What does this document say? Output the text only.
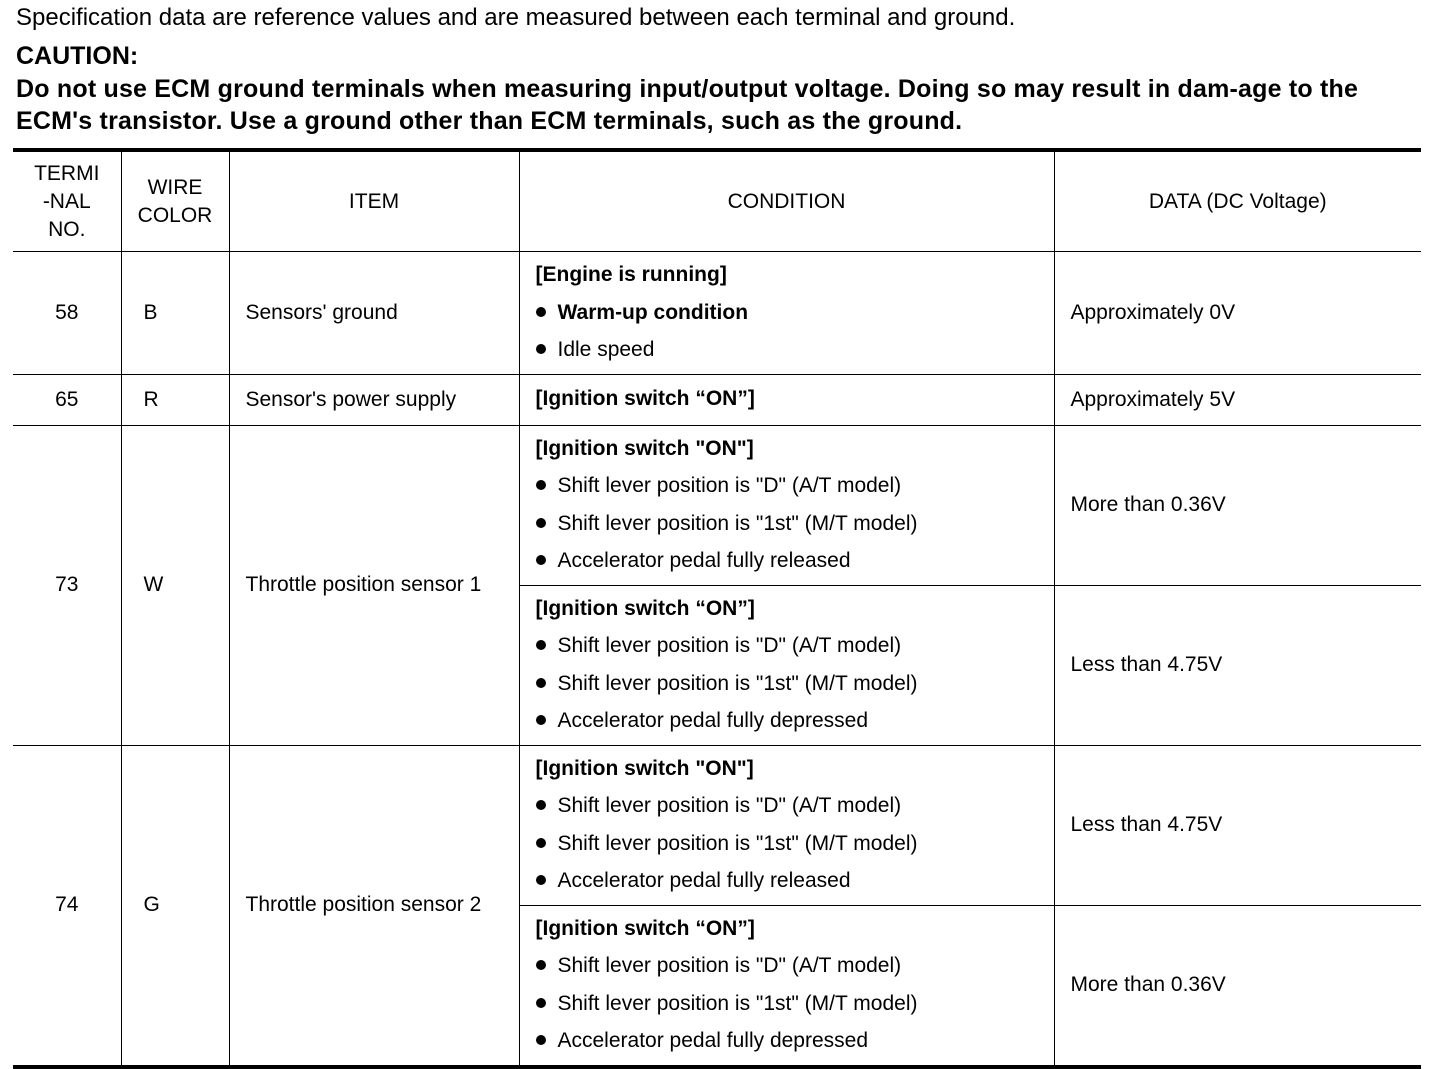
Specification data are reference values and are measured between each terminal and ground.
CAUTION:
Do not use ECM ground terminals when measuring input/output voltage. Doing so may result in dam-age to the ECM's transistor. Use a ground other than ECM terminals, such as the ground.
TERMI-NAL NO.	WIRE COLOR	ITEM	CONDITION	DATA (DC Voltage)
58	B	Sensors' ground	[Engine is running]
Warm-up condition
Idle speed	Approximately 0V
65	R	Sensor's power supply	[Ignition switch “ON”]	Approximately 5V
73	W	Throttle position sensor 1	[Ignition switch "ON"]
Shift lever position is "D" (A/T model)
Shift lever position is "1st" (M/T model)
Accelerator pedal fully released	More than 0.36V

			[Ignition switch “ON”]
Shift lever position is "D" (A/T model)
Shift lever position is "1st" (M/T model)
Accelerator pedal fully depressed	Less than 4.75V
74	G	Throttle position sensor 2	[Ignition switch "ON"]
Shift lever position is "D" (A/T model)
Shift lever position is "1st" (M/T model)
Accelerator pedal fully released	Less than 4.75V

			[Ignition switch “ON”]
Shift lever position is "D" (A/T model)
Shift lever position is "1st" (M/T model)
Accelerator pedal fully depressed	More than 0.36V
